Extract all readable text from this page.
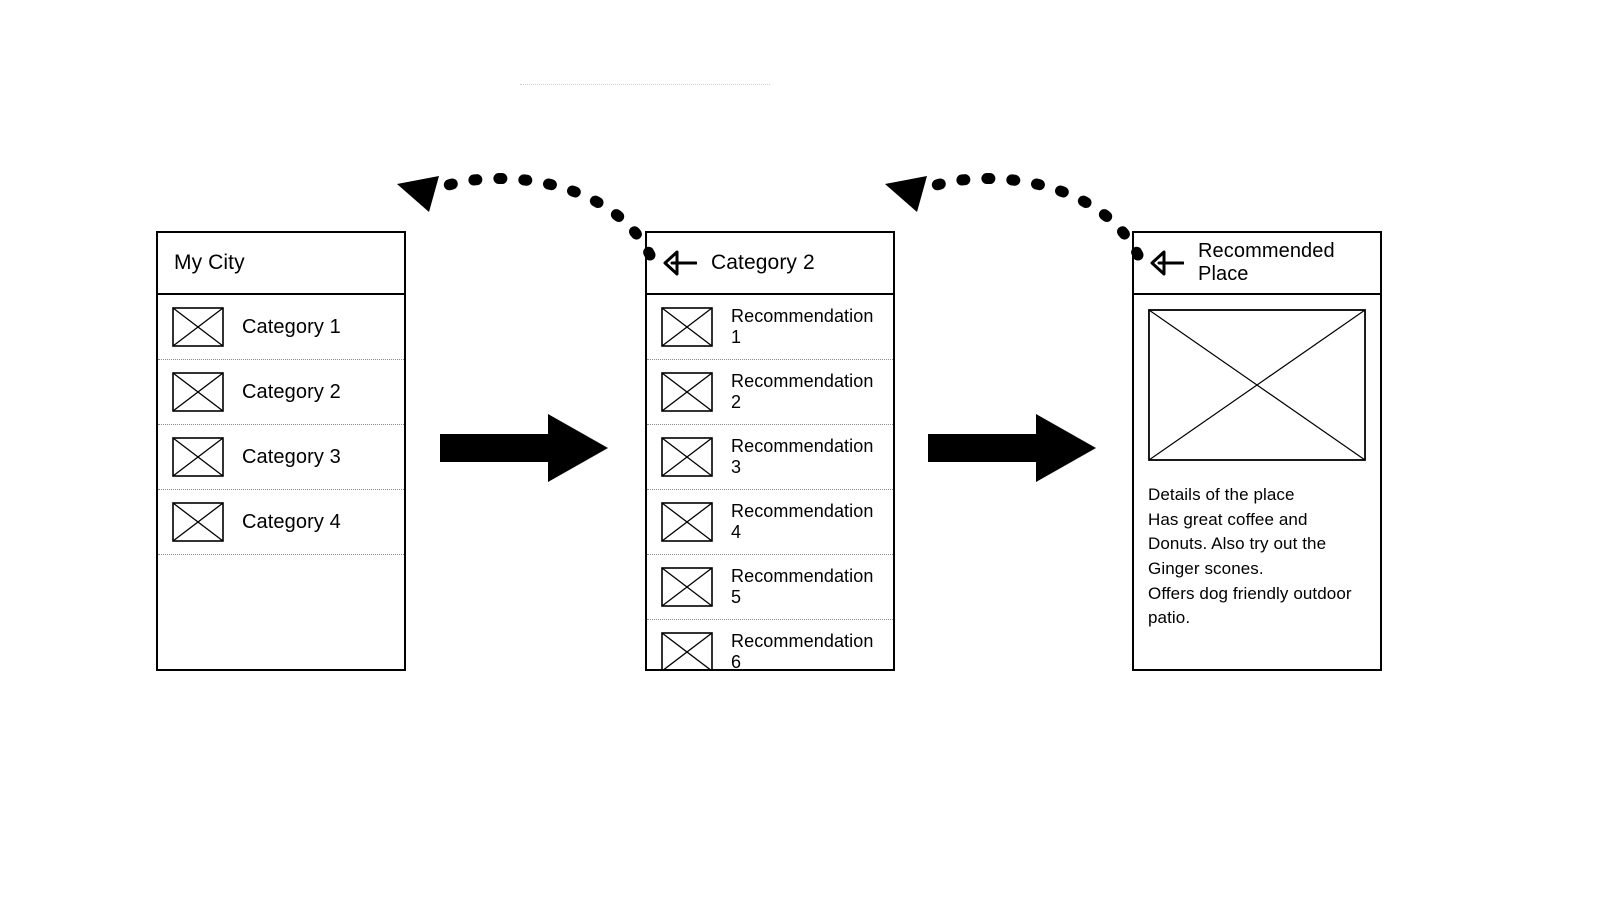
My City
Category 1
Category 2
Category 3
Category 4
Category 2
Recommendation 1
Recommendation 2
Recommendation 3
Recommendation 4
Recommendation 5
Recommendation 6
Recommended Place
Details of the place
Has great coffee and
Donuts. Also try out the
Ginger scones.
Offers dog friendly outdoor
patio.
